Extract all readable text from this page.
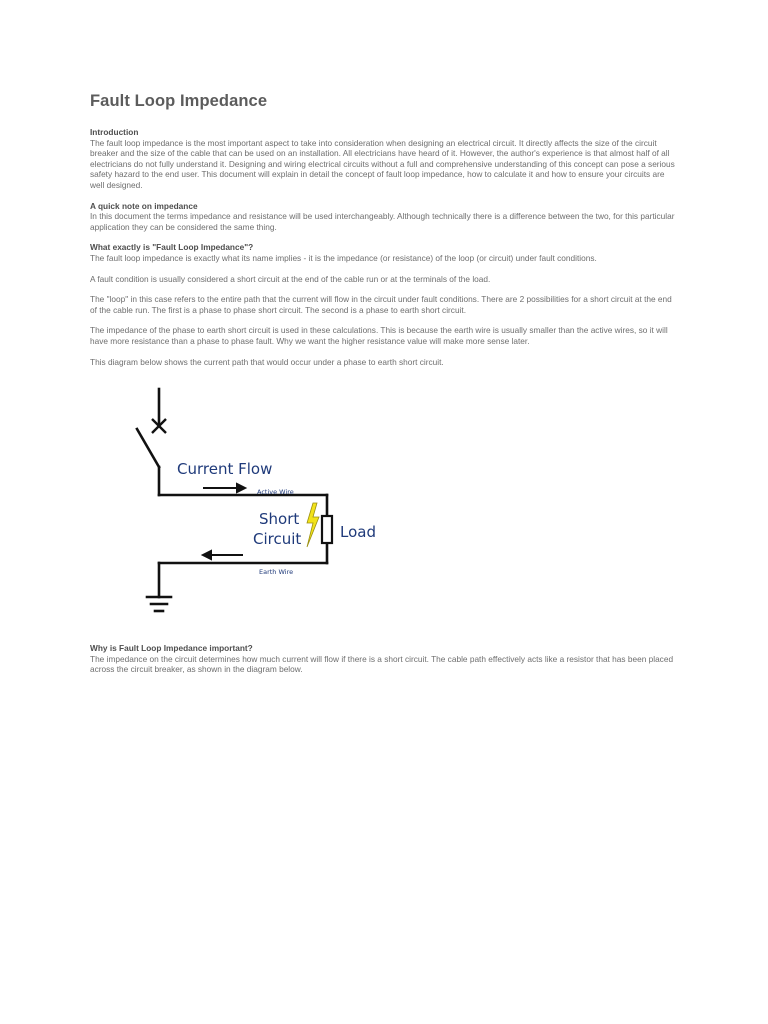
Fault Loop Impedance
Introduction

The fault loop impedance is the most important aspect to take into consideration when designing an electrical circuit. It directly affects the size of the circuit breaker and the size of the cable that can be used on an installation. All electricians have heard of it. However, the author's experience is that almost half of all electricians do not fully understand it. Designing and wiring electrical circuits without a full and comprehensive understanding of this concept can pose a serious safety hazard to the end user. This document will explain in detail the concept of fault loop impedance, how to calculate it and how to ensure your circuits are well designed.

A quick note on impedance

In this document the terms impedance and resistance will be used interchangeably. Although technically there is a difference between the two, for this particular application they can be considered the same thing.

What exactly is "Fault Loop Impedance"?

The fault loop impedance is exactly what its name implies - it is the impedance (or resistance) of the loop (or circuit) under fault conditions.

A fault condition is usually considered a short circuit at the end of the cable run or at the terminals of the load.

The "loop" in this case refers to the entire path that the current will flow in the circuit under fault conditions. There are 2 possibilities for a short circuit at the end of the cable run. The first is a phase to phase short circuit. The second is a phase to earth short circuit.

The impedance of the phase to earth short circuit is used in these calculations. This is because the earth wire is usually smaller than the active wires, so it will have more resistance than a phase to phase fault. Why we want the higher resistance value will make more sense later.

This diagram below shows the current path that would occur under a phase to earth short circuit.

Current Flow
Active Wire
Short
Circuit	Load
Earth Wire
Why is Fault Loop Impedance important?

The impedance on the circuit determines how much current will flow if there is a short circuit. The cable path effectively acts like a resistor that has been placed across the circuit breaker, as shown in the diagram below.
